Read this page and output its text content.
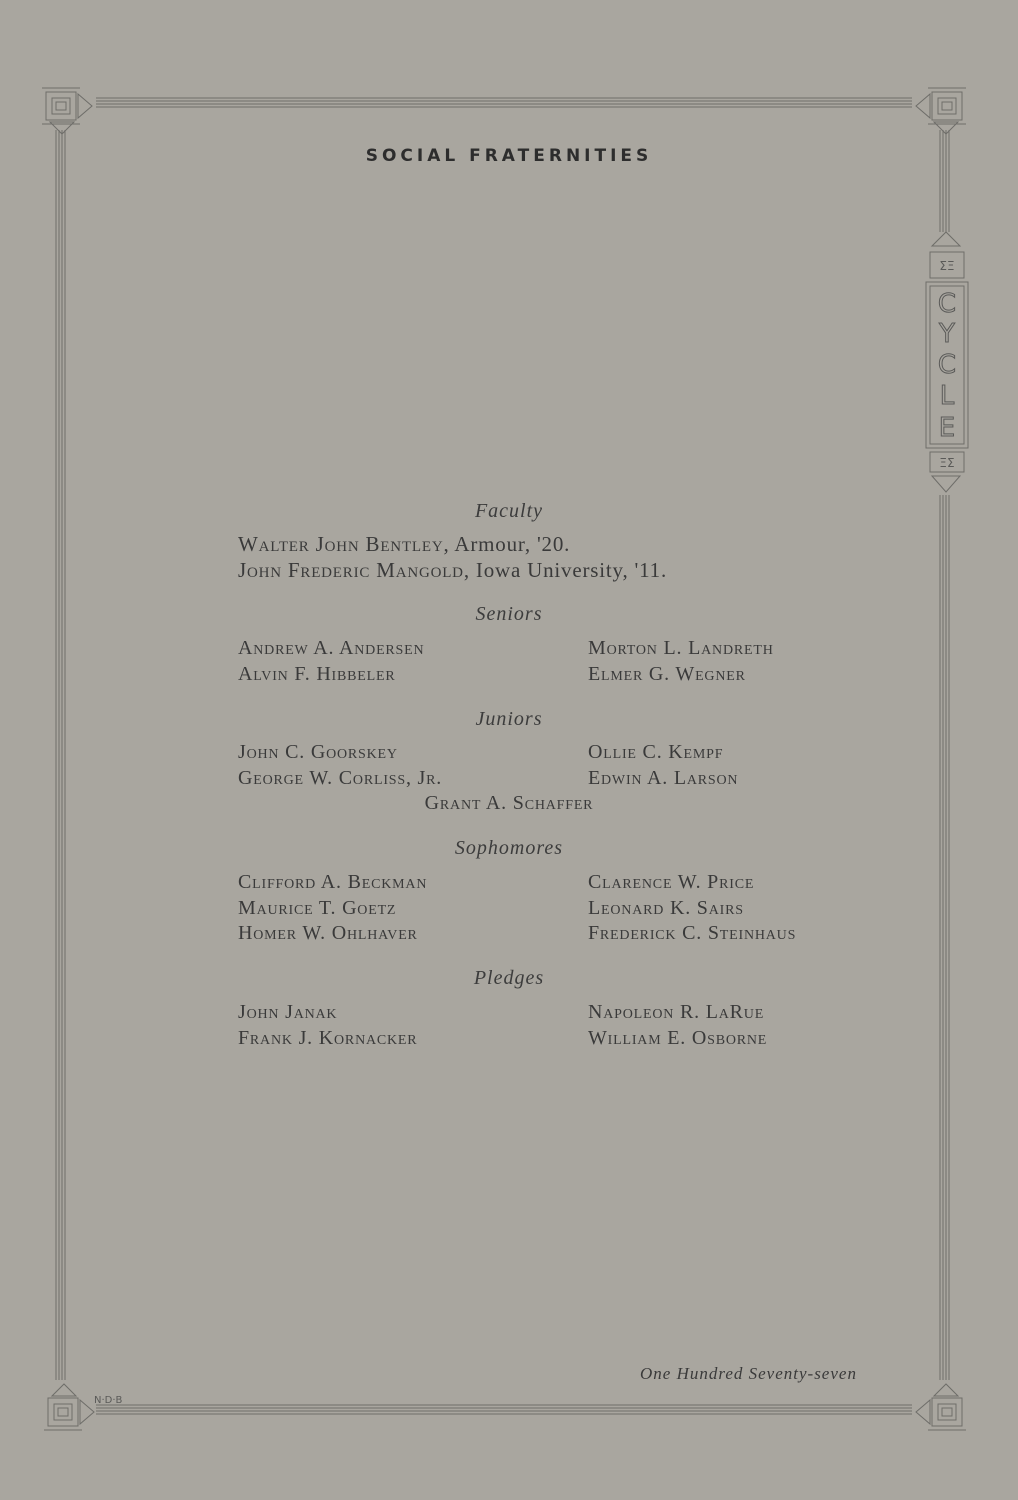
C
Y
C
L
E
ΣΞ
ΞΣ
N·D·B
SOCIAL FRATERNITIES
Faculty
Walter John Bentley, Armour, '20.
John Frederic Mangold, Iowa University, '11.
Seniors
Andrew A. Andersen
Alvin F. Hibbeler
Morton L. Landreth
Elmer G. Wegner
Juniors
John C. Goorskey
George W. Corliss, Jr.
Ollie C. Kempf
Edwin A. Larson
Grant A. Schaffer
Sophomores
Clifford A. Beckman
Maurice T. Goetz
Homer W. Ohlhaver
Clarence W. Price
Leonard K. Sairs
Frederick C. Steinhaus
Pledges
John Janak
Frank J. Kornacker
Napoleon R. LaRue
William E. Osborne
One Hundred Seventy-seven
